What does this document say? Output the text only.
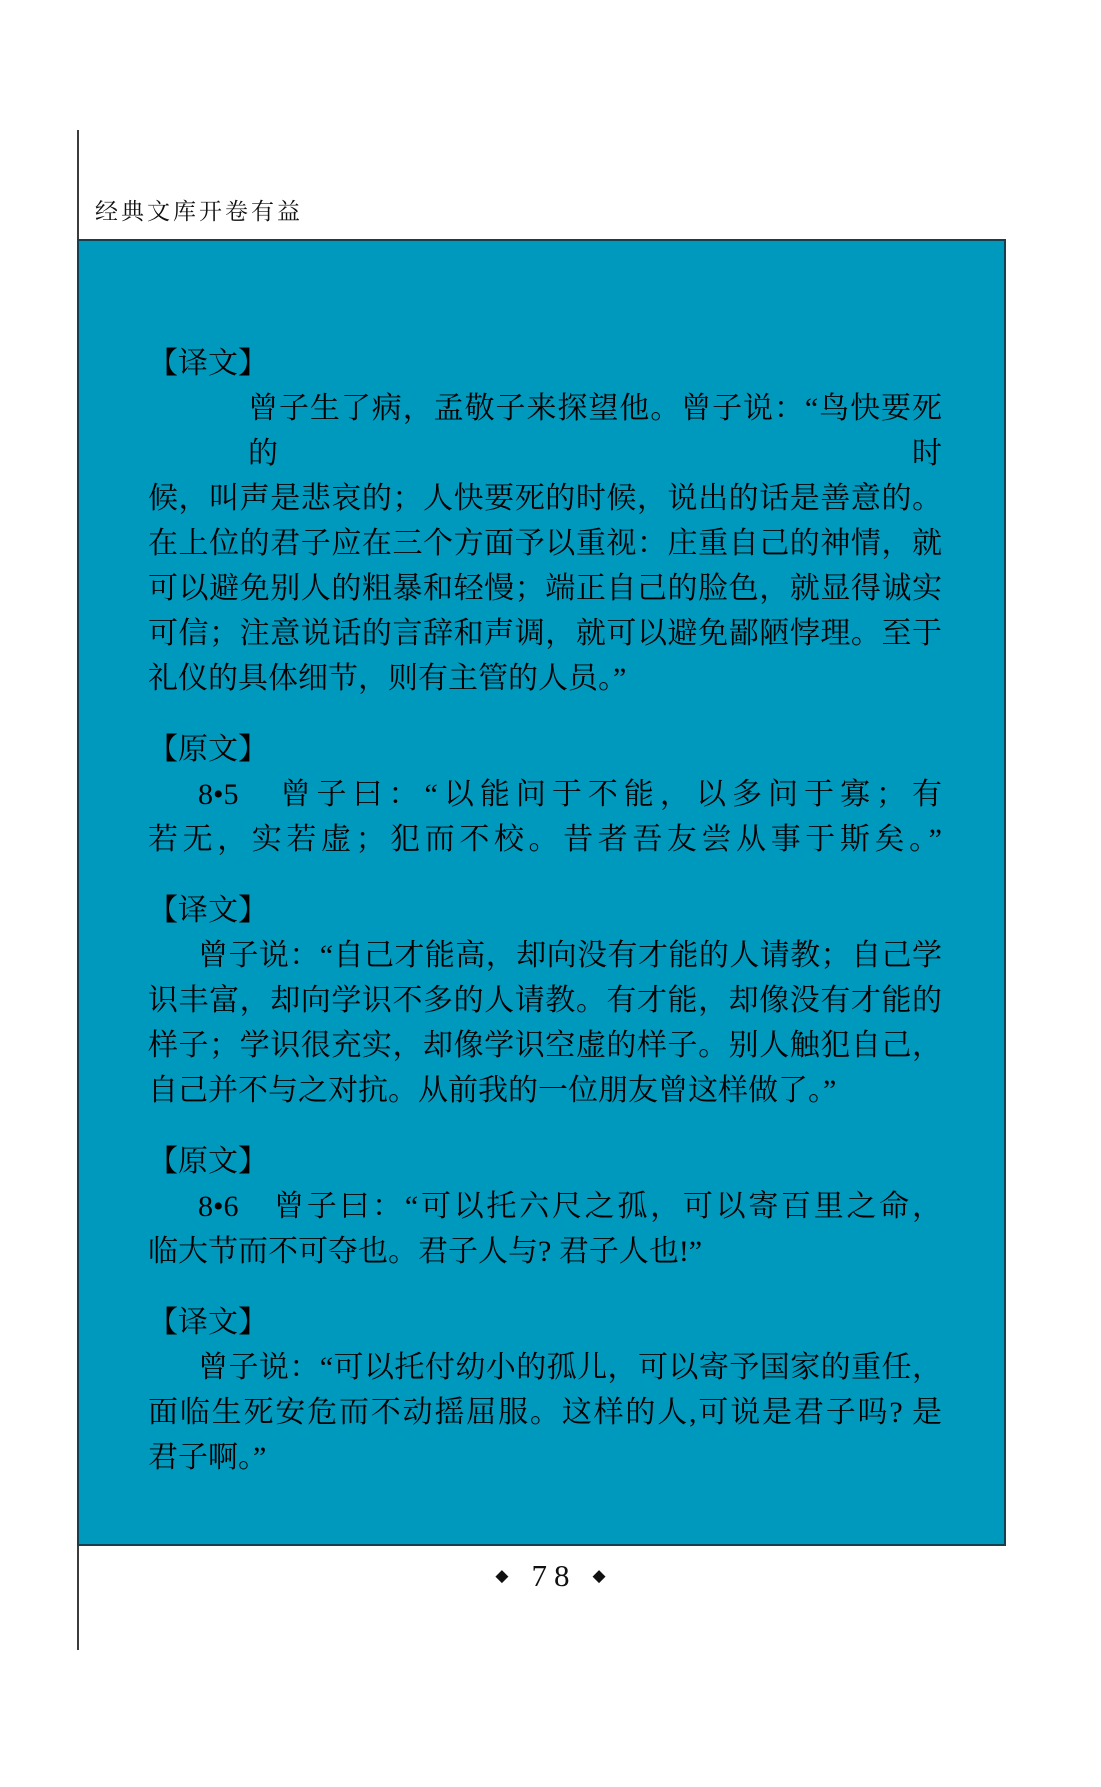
经典文库开卷有益
【译文】
曾子生了病，孟敬子来探望他。曾子说：“鸟快要死的时
候，叫声是悲哀的；人快要死的时候，说出的话是善意的。
在上位的君子应在三个方面予以重视：庄重自己的神情，就
可以避免别人的粗暴和轻慢；端正自己的脸色，就显得诚实
可信；注意说话的言辞和声调，就可以避免鄙陋悖理。至于
礼仪的具体细节，则有主管的人员。”
【原文】
8•5　曾子曰：“以能问于不能，以多问于寡；有
若无，实若虚；犯而不校。昔者吾友尝从事于斯矣。”
【译文】
曾子说：“自己才能高，却向没有才能的人请教；自己学
识丰富，却向学识不多的人请教。有才能，却像没有才能的
样子；学识很充实，却像学识空虚的样子。别人触犯自己，
自己并不与之对抗。从前我的一位朋友曾这样做了。”
【原文】
8•6　曾子曰：“可以托六尺之孤，可以寄百里之命，
临大节而不可夺也。君子人与? 君子人也!”
【译文】
曾子说：“可以托付幼小的孤儿，可以寄予国家的重任，
面临生死安危而不动摇屈服。这样的人,可说是君子吗? 是
君子啊。”
◆ 78 ◆
